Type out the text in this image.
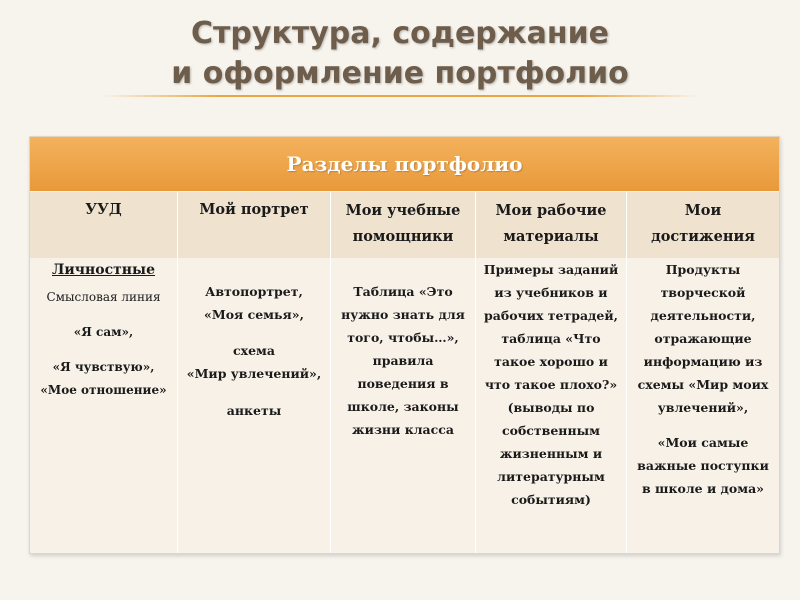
Структура, содержание
и оформление портфолио
Разделы портфолио
УУД	Мой портрет	Мои учебные
помощники
Мои рабочие
материалы
Мои
достижения
Личностные
Смысловая линия
«Я сам»,
«Я чувствую»,
«Мое отношение»
Автопортрет,
«Моя семья»,
схема
«Мир увлечений»,
анкеты
Таблица «Это
нужно знать для
того, чтобы…»,
правила
поведения в
школе, законы
жизни класса
Примеры заданий
из учебников и
рабочих тетрадей,
таблица «Что
такое хорошо и
что такое плохо?»
(выводы по
собственным
жизненным и
литературным
событиям)
Продукты
творческой
деятельности,
отражающие
информацию из
схемы «Мир моих
увлечений»,
«Мои самые
важные поступки
в школе и дома»
